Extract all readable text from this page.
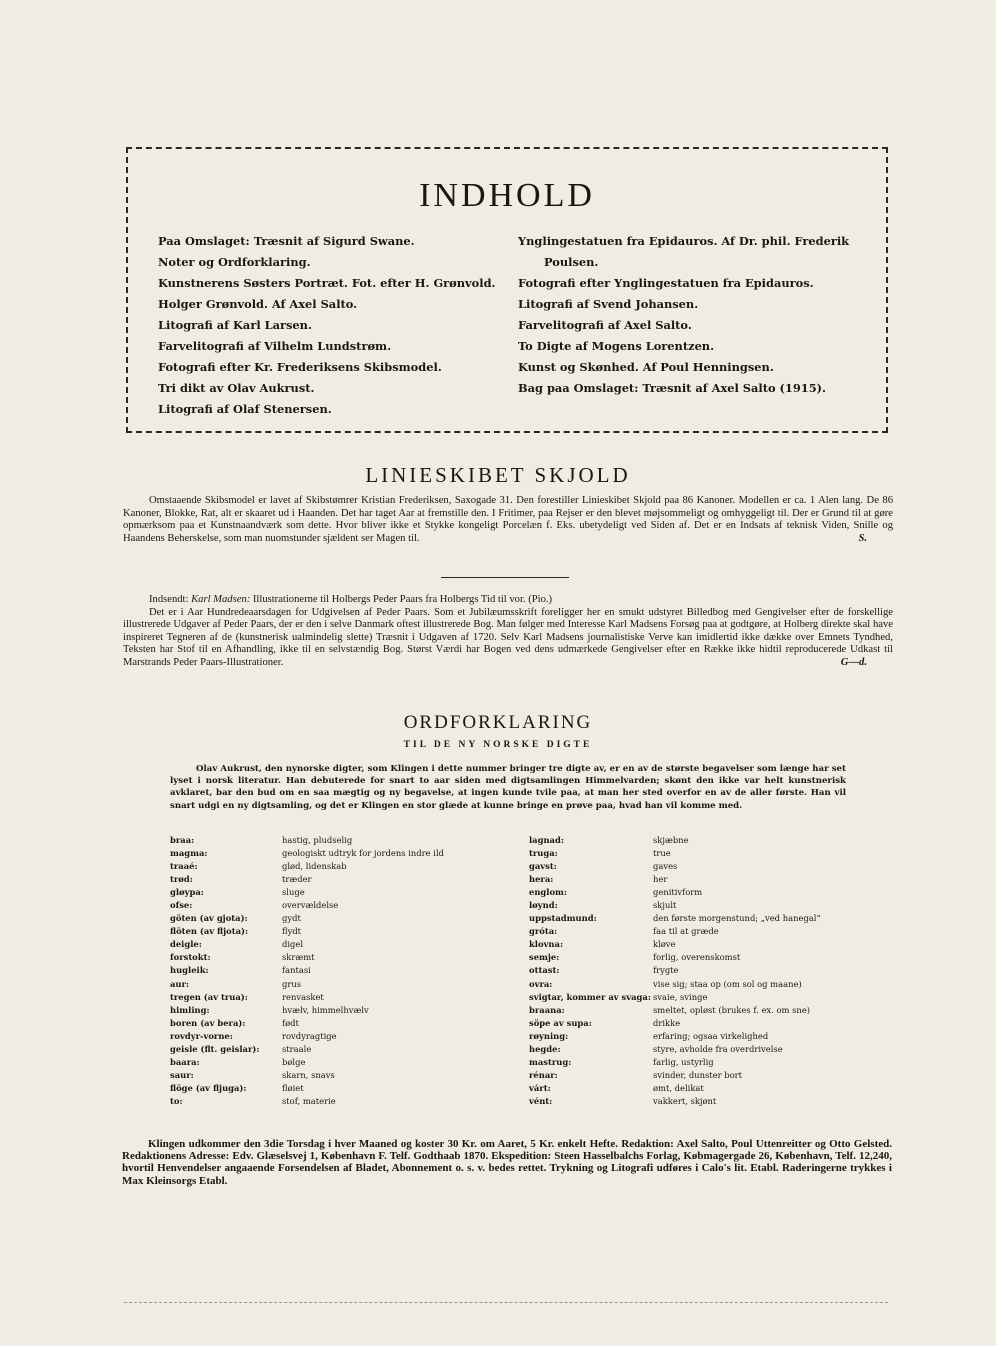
INDHOLD
Paa Omslaget: Træsnit af Sigurd Swane.
Noter og Ordforklaring.
Kunstnerens Søsters Portræt. Fot. efter H. Grønvold.
Holger Grønvold. Af Axel Salto.
Litografi af Karl Larsen.
Farvelitografi af Vilhelm Lundstrøm.
Fotografi efter Kr. Frederiksens Skibsmodel.
Tri dikt av Olav Aukrust.
Litografi af Olaf Stenersen.
Ynglingestatuen fra Epidauros. Af Dr. phil. Frederik
Poulsen.
Fotografi efter Ynglingestatuen fra Epidauros.
Litografi af Svend Johansen.
Farvelitografi af Axel Salto.
To Digte af Mogens Lorentzen.
Kunst og Skønhed. Af Poul Henningsen.
Bag paa Omslaget: Træsnit af Axel Salto (1915).
LINIESKIBET SKJOLD

Omstaaende Skibsmodel er lavet af Skibstømrer Kristian Frederiksen, Saxogade 31. Den forestiller Linieskibet Skjold paa 86 Kanoner. Modellen er ca. 1 Alen lang. De 86 Kanoner, Blokke, Rat, alt er skaaret ud i Haanden. Det har taget Aar at fremstille den. I Fritimer, paa Rejser er den blevet møjsommeligt og omhyggeligt til. Der er Grund til at gøre opmærksom paa et Kunstnaandværk som dette. Hvor bliver ikke et Stykke kongeligt Porcelæn f. Eks. ubetydeligt ved Siden af. Det er en Indsats af teknisk Viden, Snille og Haandens Beherskelse, som man nuomstunder sjældent ser Magen til.	S.

Indsendt: Karl Madsen: Illustrationerne til Holbergs Peder Paars fra Holbergs Tid til vor. (Pio.)
Det er i Aar Hundredeaarsdagen for Udgivelsen af Peder Paars. Som et Jubilæumsskrift foreligger her en smukt udstyret Billedbog med Gengivelser efter de forskellige illustrerede Udgaver af Peder Paars, der er den i selve Danmark oftest illustrerede Bog. Man følger med Interesse Karl Madsens Forsøg paa at godtgøre, at Holberg direkte skal have inspireret Tegneren af de (kunstnerisk ualmindelig slette) Træsnit i Udgaven af 1720. Selv Karl Madsens journalistiske Verve kan imidlertid ikke dække over Emnets Tyndhed, Teksten har Stof til en Afhandling, ikke til en selvstændig Bog. Størst Værdi har Bogen ved dens udmærkede Gengivelser efter en Række ikke hidtil reproducerede Udkast til Marstrands Peder Paars-Illustrationer.	G—d.

ORDFORKLARING
TIL DE NY NORSKE DIGTE

Olav Aukrust, den nynorske digter, som Klingen i dette nummer bringer tre digte av, er en av de største begavelser som længe har set lyset i norsk literatur. Han debuterede for snart to aar siden med digtsamlingen Himmelvarden; skønt den ikke var helt kunstnerisk avklaret, bar den bud om en saa mægtig og ny begavelse, at ingen kunde tvile paa, at man her sted overfor en av de aller første. Han vil snart udgi en ny digtsamling, og det er Klingen en stor glæde at kunne bringe en prøve paa, hvad han vil komme med.

braa:	hastig, pludselig
magma:	geologiskt udtryk for jordens indre ild
traaé:	glød, lidenskab
trød:	træder
gløypa:	sluge
ofse:	overvældelse
göten (av gjota):	gydt
flöten (av fljota):	flydt
deigle:	digel
forstokt:	skræmt
hugleik:	fantasi
aur:	grus
tregen (av trua):	renvasket
himling:	hvælv, himmelhvælv
boren (av bera):	født
rovdyr-vorne:	rovdyragtige
geisle (flt. geislar):	straale
baara:	bølge
saur:	skarn, snavs
flöge (av fljuga):	fløiet
to:	stof, materie
lagnad:	skjæbne
truga:	true
gavst:	gaves
hera:	her
englom:	genitivform
løynd:	skjult
uppstadmund:	den første morgenstund; „ved hanegal“
gróta:	faa til at græde
klovna:	kløve
semje:	forlig, overenskomst
ottast:	frygte
ovra:	vise sig; staa op (om sol og maane)
svigtar, kommer av svaga: svaie, svinge
braana:	smeltet, opløst (brukes f. ex. om sne)
söpe av supa:	drikke
røyning:	erfaring; ogsaa virkelighed
hegde:	styre, avholde fra overdrivelse
mastrug:	farlig, ustyrlig
rénar:	svinder, dunster bort
várt:	ømt, delikat
vént:	vakkert, skjønt

Klingen udkommer den 3die Torsdag i hver Maaned og koster 30 Kr. om Aaret, 5 Kr. enkelt Hefte. Redaktion: Axel Salto, Poul Uttenreitter og Otto Gelsted. Redaktionens Adresse: Edv. Glæselsvej 1, København F. Telf. Godthaab 1870. Ekspedition: Steen Hasselbalchs Forlag, Købmagergade 26, København, Telf. 12,240, hvortil Henvendelser angaaende Forsendelsen af Bladet, Abonnement o. s. v. bedes rettet. Trykning og Litografi udføres i Calo's lit. Etabl. Raderingerne trykkes i Max Kleinsorgs Etabl.
